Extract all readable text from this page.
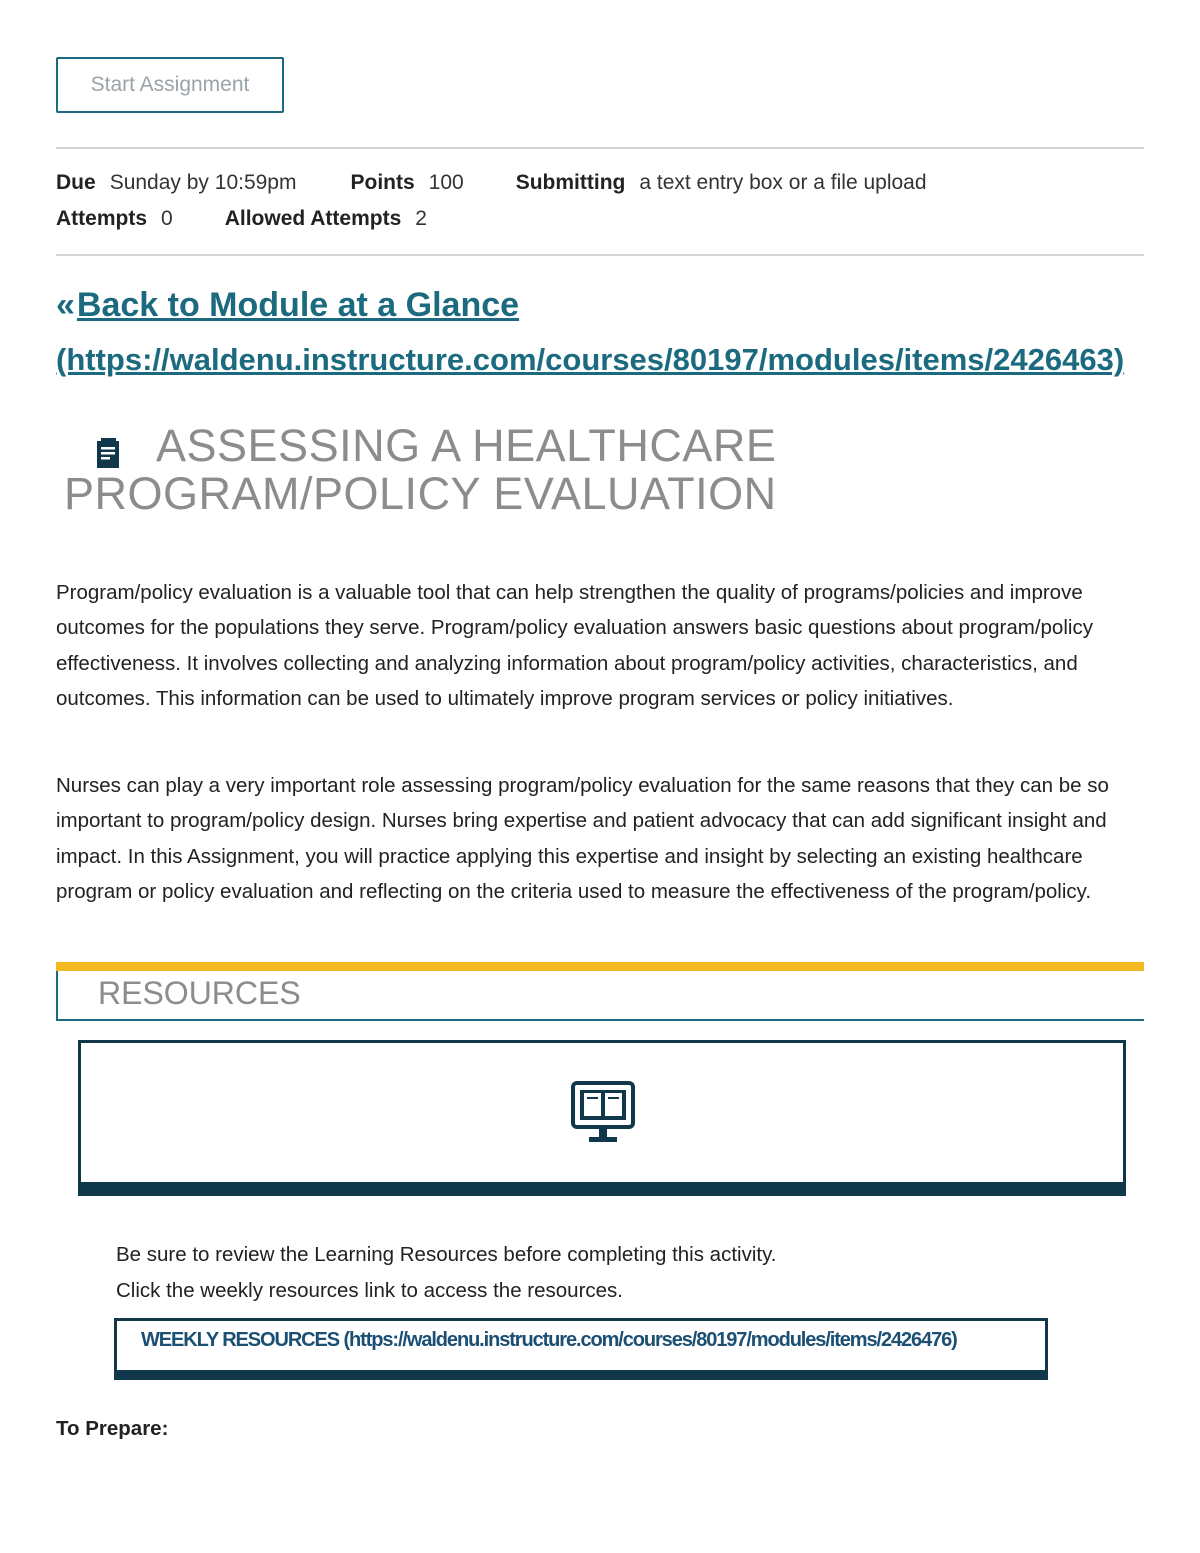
Start Assignment
Due Sunday by 10:59pm	Points 100 Submitting a text entry box or a file upload
Attempts 0 Allowed Attempts 2
«Back to Module at a Glance
(https://waldenu.instructure.com/courses/80197/modules/items/2426463)
ASSESSING A HEALTHCARE
PROGRAM/POLICY EVALUATION

Program/policy evaluation is a valuable tool that can help strengthen the quality of programs/policies and improve outcomes for the populations they serve. Program/policy evaluation answers basic questions about program/policy effectiveness. It involves collecting and analyzing information about program/policy activities, characteristics, and outcomes. This information can be used to ultimately improve program services or policy initiatives.

Nurses can play a very important role assessing program/policy evaluation for the same reasons that they can be so important to program/policy design. Nurses bring expertise and patient advocacy that can add significant insight and impact. In this Assignment, you will practice applying this expertise and insight by selecting an existing healthcare program or policy evaluation and reflecting on the criteria used to measure the effectiveness of the program/policy.

RESOURCES
Be sure to review the Learning Resources before completing this activity.
Click the weekly resources link to access the resources.
WEEKLY RESOURCES (https://waldenu.instructure.com/courses/80197/modules/items/2426476)
To Prepare:
